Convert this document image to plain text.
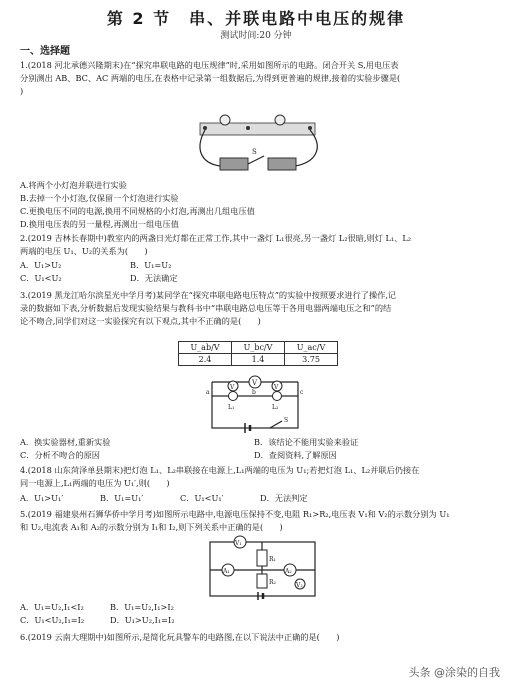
第 2 节　串、并联电路中电压的规律
测试时间:20 分钟
一、选择题
1.(2018 河北承德兴隆期末)在“探究串联电路的电压规律”时,采用如图所示的电路。闭合开关 S,用电压表
分别测出 AB、BC、AC 两端的电压,在表格中记录第一组数据后,为得到更普遍的规律,接着的实验步骤是(
)
S
A.将两个小灯泡并联进行实验
B.去掉一个小灯泡,仅保留一个灯泡进行实验
C.更换电压不同的电源,换用不同规格的小灯泡,再测出几组电压值
D.换用电压表的另一量程,再测出一组电压值
2.(2019 吉林长春期中)教室内的两盏日光灯都在正常工作,其中一盏灯 L₁很亮,另一盏灯 L₂很暗,则灯 L₁、L₂
两端的电压 U₁、U₂的关系为(　　)
A．U₁>U₂	B．U₁=U₂
C．U₁<U₂	D．无法确定
3.(2019 黑龙江哈尔滨星光中学月考)某同学在“探究串联电路电压特点”的实验中按照要求进行了操作,记
录的数据如下表,分析数据后发现实验结果与教科书中“串联电路总电压等于各用电器两端电压之和”的结
论不吻合,同学们对这一实验探究有以下观点,其中不正确的是(　　)
U_ab/V	U_bc/V	U_ac/V
2.4	1.4	3.75
V
a	b	c
V
L₁	L₂
V
S
A．换实验器材,重新实验	B．该结论不能用实验来验证
C．分析不吻合的原因	D．查阅资料,了解原因
4.(2018 山东菏泽单县期末)把灯泡 L₁、L₂串联接在电源上,L₁两端的电压为 U₁;若把灯泡 L₁、L₂并联后仍接在
同一电源上,L₁两端的电压为 U₁′,则(　　)
A．U₁>U₁′	B．U₁=U₁′	C．U₁<U₁′	D．无法判定
5.(2019 福建泉州石狮华侨中学月考)如图所示电路中,电源电压保持不变,电阻 R₁>R₂,电压表 V₁和 V₂的示数分别为 U₁
和 U₂,电流表 A₁和 A₂的示数分别为 I₁和 I₂,则下列关系中正确的是(　　)
V₁
R₁
A₁	A₂
R₂	V₂
A．U₁=U₂,I₁<I₂	B．U₁=U₂,I₁>I₂
C．U₁<U₂,I₁=I₂	D．U₁>U₂,I₁=I₂
6.(2019 云南大理期中)如图所示,是简化玩具警车的电路图,在以下说法中正确的是(　　)
头条 @涂染的自我
